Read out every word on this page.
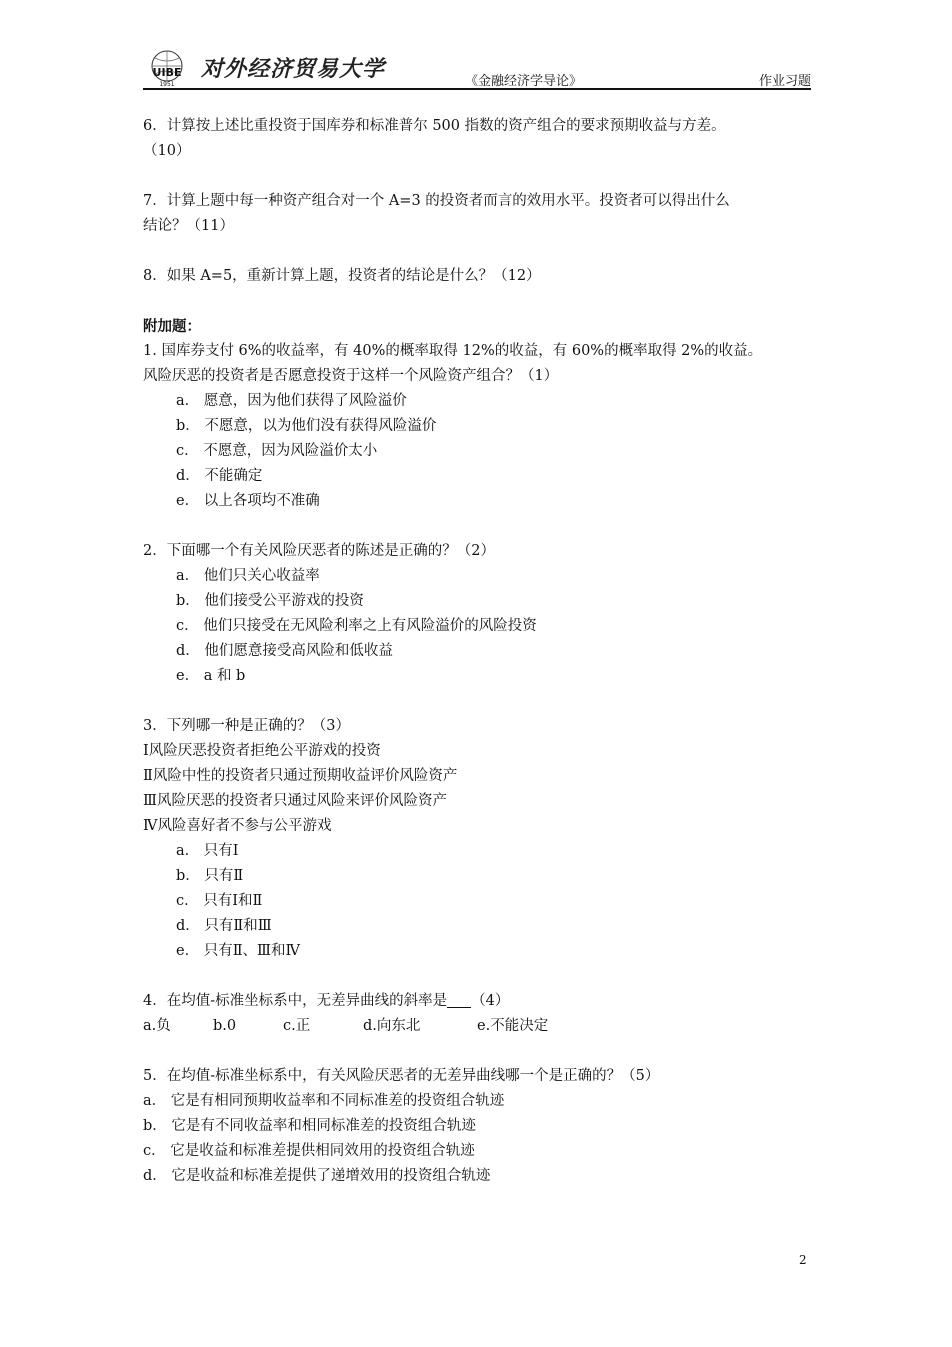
UIBE
1951
对外经济贸易大学	《金融经济学导论》	作业习题

6．计算按上述比重投资于国库券和标准普尔 500 指数的资产组合的要求预期收益与方差。

（10）

7．计算上题中每一种资产组合对一个 A=3 的投资者而言的效用水平。投资者可以得出什么

结论？（11）

8．如果 A=5，重新计算上题，投资者的结论是什么？（12）

附加题：

1. 国库券支付 6%的收益率，有 40%的概率取得 12%的收益，有 60%的概率取得 2%的收益。

风险厌恶的投资者是否愿意投资于这样一个风险资产组合？（1）

a． 愿意，因为他们获得了风险溢价

b． 不愿意，以为他们没有获得风险溢价

c． 不愿意，因为风险溢价太小

d． 不能确定

e． 以上各项均不准确

2．下面哪一个有关风险厌恶者的陈述是正确的？（2）

a． 他们只关心收益率

b． 他们接受公平游戏的投资

c． 他们只接受在无风险利率之上有风险溢价的风险投资

d． 他们愿意接受高风险和低收益

e． a 和 b

3．下列哪一种是正确的？（3）

Ⅰ风险厌恶投资者拒绝公平游戏的投资

Ⅱ风险中性的投资者只通过预期收益评价风险资产

Ⅲ风险厌恶的投资者只通过风险来评价风险资产

Ⅳ风险喜好者不参与公平游戏

a． 只有Ⅰ

b． 只有Ⅱ

c． 只有Ⅰ和Ⅱ

d． 只有Ⅱ和Ⅲ

e． 只有Ⅱ、Ⅲ和Ⅳ

4．在均值-标准坐标系中，无差异曲线的斜率是 （4）

a.负	b.0	c.正	d.向东北	e.不能决定

5．在均值-标准坐标系中，有关风险厌恶者的无差异曲线哪一个是正确的？（5）

a． 它是有相同预期收益率和不同标准差的投资组合轨迹

b． 它是有不同收益率和相同标准差的投资组合轨迹

c． 它是收益和标准差提供相同效用的投资组合轨迹

d． 它是收益和标准差提供了递增效用的投资组合轨迹

2
